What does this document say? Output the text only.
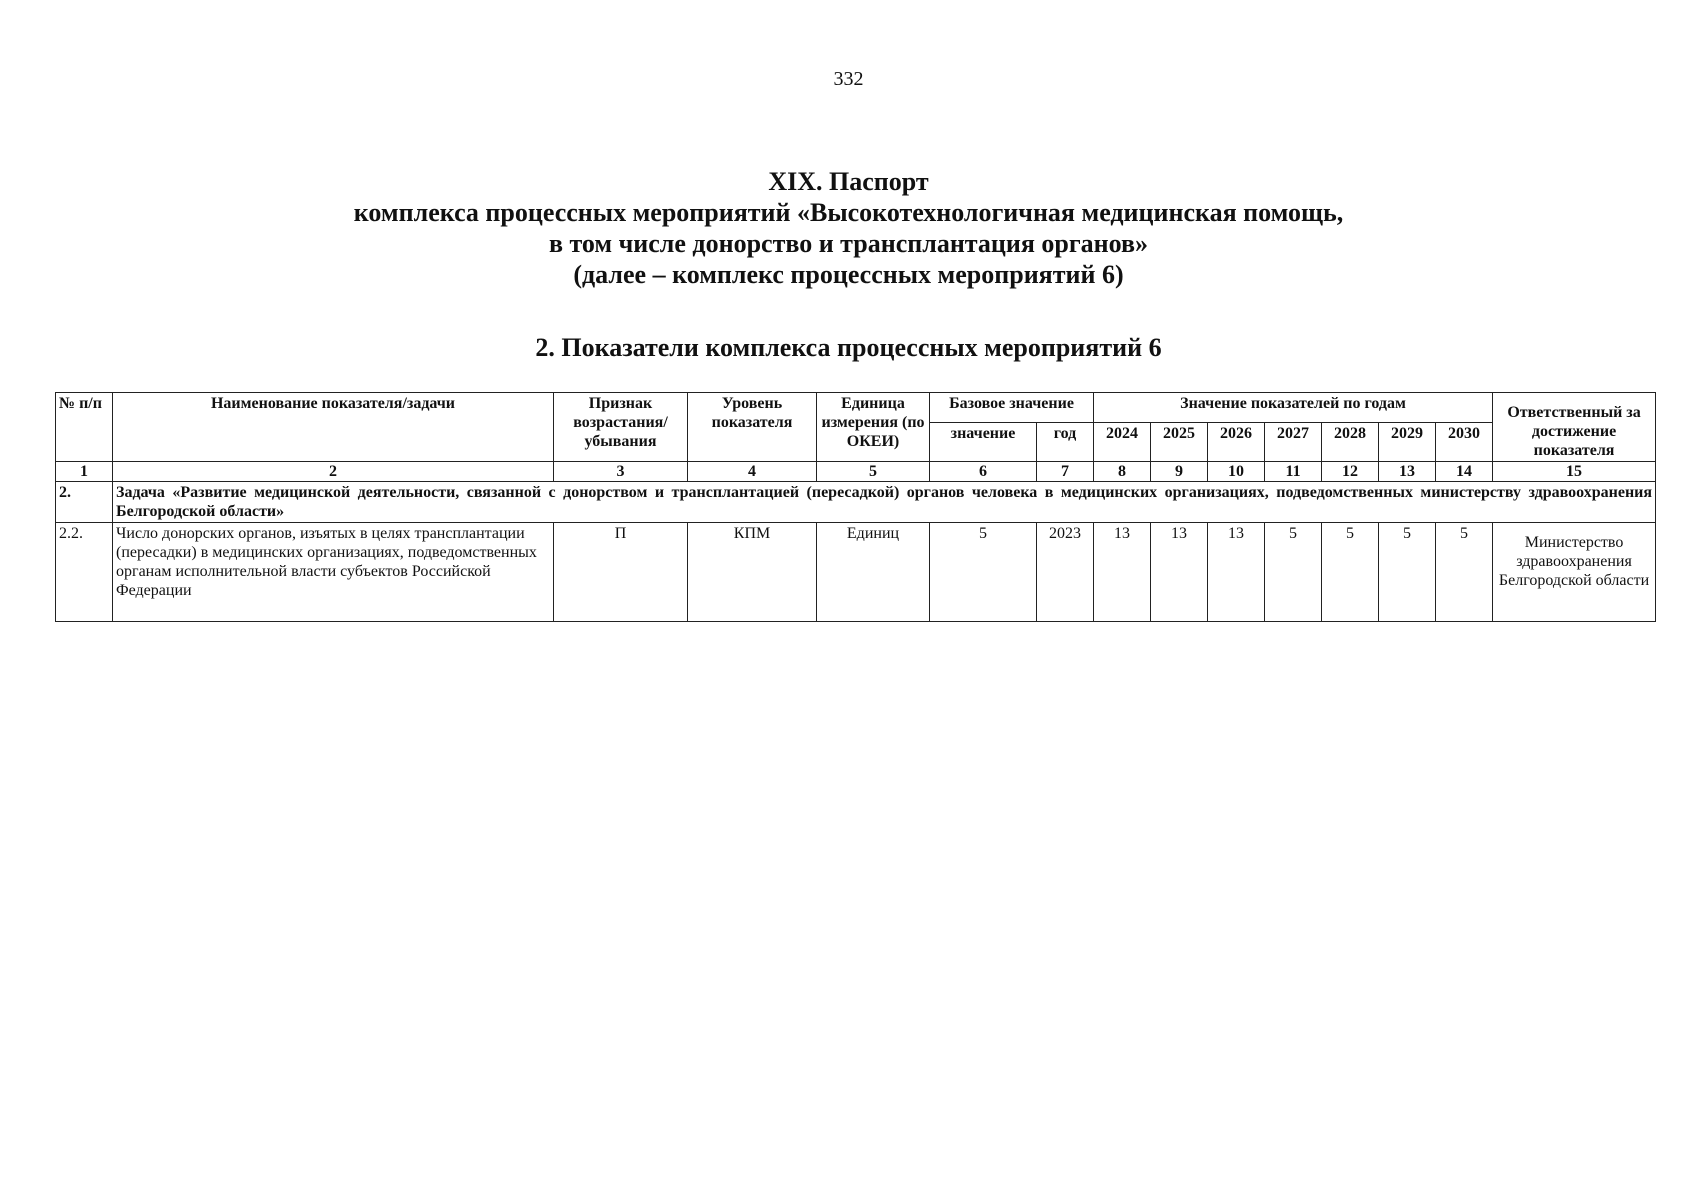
332
XIX. Паспорт
комплекса процессных мероприятий «Высокотехнологичная медицинская помощь,
в том числе донорство и трансплантация органов»
(далее – комплекс процессных мероприятий 6)
2. Показатели комплекса процессных мероприятий 6
№ п/п	Наименование показателя/задачи	Признак возрастания/ убывания	Уровень показателя	Единица измерения (по ОКЕИ)	Базовое значение		Значение показателей по годам							Ответственный за достижение показателя
					значение	год	2024	2025	2026	2027	2028	2029	2030	
1	2	3	4	5	6	7	8	9	10	11	12	13	14	15
2.	Задача «Развитие медицинской деятельности, связанной с донорством и трансплантацией (пересадкой) органов человека в медицинских организациях, подведомственных министерству здравоохранения Белгородской области»													
2.2.	Число донорских органов, изъятых в целях трансплантации (пересадки) в медицинских организациях, подведомственных органам исполнительной власти субъектов Российской Федерации	П	КПМ	Единиц	5	2023	13	13	13	5	5	5	5	Министерство здравоохранения Белгородской области
